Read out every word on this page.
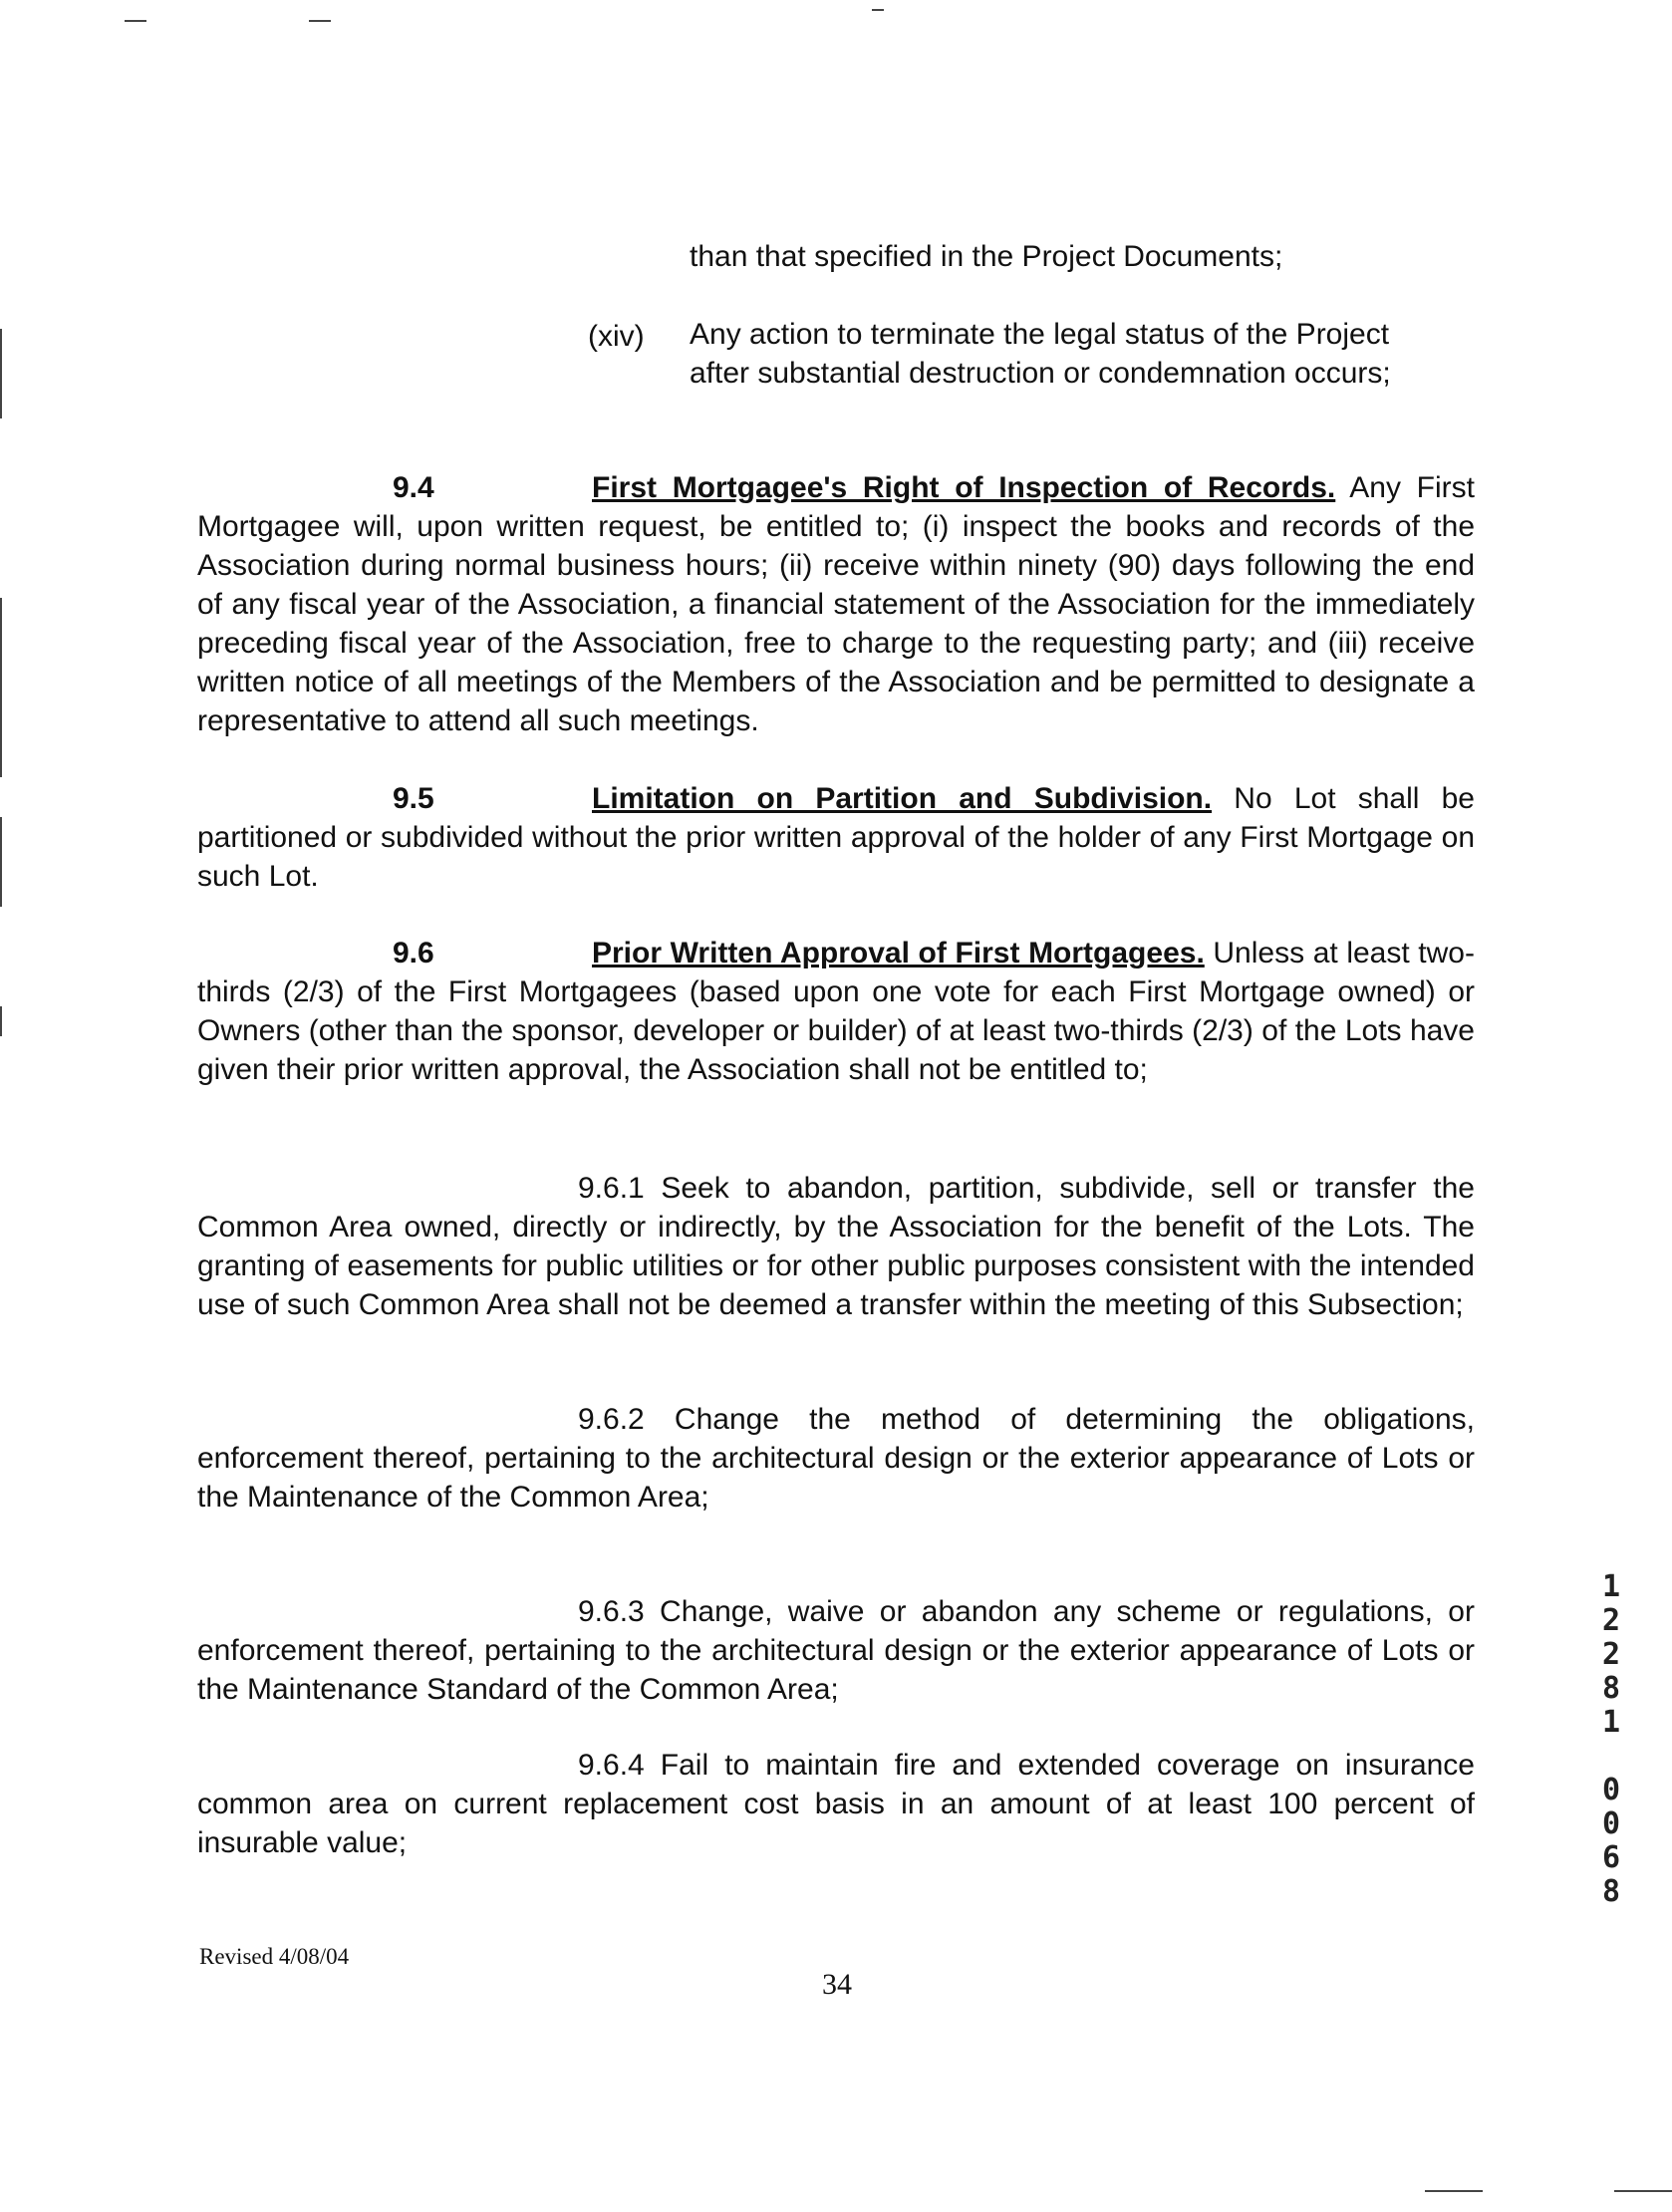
than that specified in the Project Documents;
(xiv)	Any action to terminate the legal status of the Project
after substantial destruction or condemnation occurs;
9.4	First Mortgagee's Right of Inspection of Records. Any First Mortgagee will, upon written request, be entitled to; (i) inspect the books and records of the Association during normal business hours; (ii) receive within ninety (90) days following the end of any fiscal year of the Association, a financial statement of the Association for the immediately preceding fiscal year of the Association, free to charge to the requesting party; and (iii) receive written notice of all meetings of the Members of the Association and be permitted to designate a representative to attend all such meetings.
9.5	Limitation on Partition and Subdivision. No Lot shall be partitioned or subdivided without the prior written approval of the holder of any First Mortgage on such Lot.
9.6	Prior Written Approval of First Mortgagees. Unless at least two-thirds (2/3) of the First Mortgagees (based upon one vote for each First Mortgage owned) or Owners (other than the sponsor, developer or builder) of at least two-thirds (2/3) of the Lots have given their prior written approval, the Association shall not be entitled to;
9.6.1 Seek to abandon, partition, subdivide, sell or transfer the Common Area owned, directly or indirectly, by the Association for the benefit of the Lots. The granting of easements for public utilities or for other public purposes consistent with the intended use of such Common Area shall not be deemed a transfer within the meeting of this Subsection;
9.6.2 Change the method of determining the obligations, enforcement thereof, pertaining to the architectural design or the exterior appearance of Lots or the Maintenance of the Common Area;
9.6.3 Change, waive or abandon any scheme or regulations, or enforcement thereof, pertaining to the architectural design or the exterior appearance of Lots or the Maintenance Standard of the Common Area;
9.6.4 Fail to maintain fire and extended coverage on insurance common area on current replacement cost basis in an amount of at least 100 percent of insurable value;
Revised 4/08/04
34
1
2
2
8
1
0
0
6
8
